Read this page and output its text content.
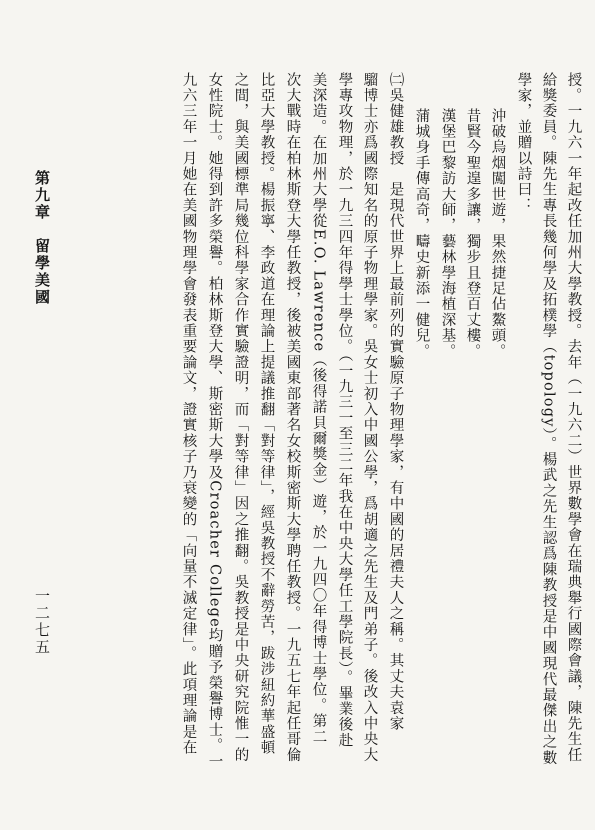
授。一九六一年起改任加州大學教授。去年（一九六二）世界數學會在瑞典舉行國際會議，陳先生任
給獎委員。陳先生專長幾何學及拓樸學（topology）。楊武之先生認爲陳教授是中國現代最傑出之數
學家，並贈以詩曰：
沖破烏烟闖世遊，果然捷足佔鰲頭。
昔賢今聖遑多讓，獨步且登百丈樓。
漢堡巴黎訪大師，藝林學海植深基。
蒲城身手傳高奇，疇史新添一健兒。
㈡吳健雄教授　是現代世界上最前列的實驗原子物理學家，有中國的居禮夫人之稱。其丈夫袁家
騮博士亦爲國際知名的原子物理學家。吳女士初入中國公學，爲胡適之先生及門弟子。後改入中央大
學專攻物理，於一九三四年得學士學位。（一九三一至三二年我在中央大學任工學院長）。畢業後赴
美深造。在加州大學從E.O. Lawrence（後得諾貝爾獎金）遊，於一九四〇年得博士學位。第二
次大戰時在柏林斯登大學任教授，後被美國東部著名女校斯密斯大學聘任教授。一九五七年起任哥倫
比亞大學教授。楊振寧、李政道在理論上提議推翻「對等律」，經吳教授不辭勞苦，跋涉紐約華盛頓
之間，與美國標準局幾位科學家合作實驗證明，而「對等律」因之推翻。吳教授是中央研究院惟一的
女性院士。她得到許多榮譽。柏林斯登大學、斯密斯大學及Croacher College均贈予榮譽博士。一
九六三年一月她在美國物理學會發表重要論文，證實核子乃衰變的「向量不滅定律」。此項理論是在
第九章　留學美國
一二七五
